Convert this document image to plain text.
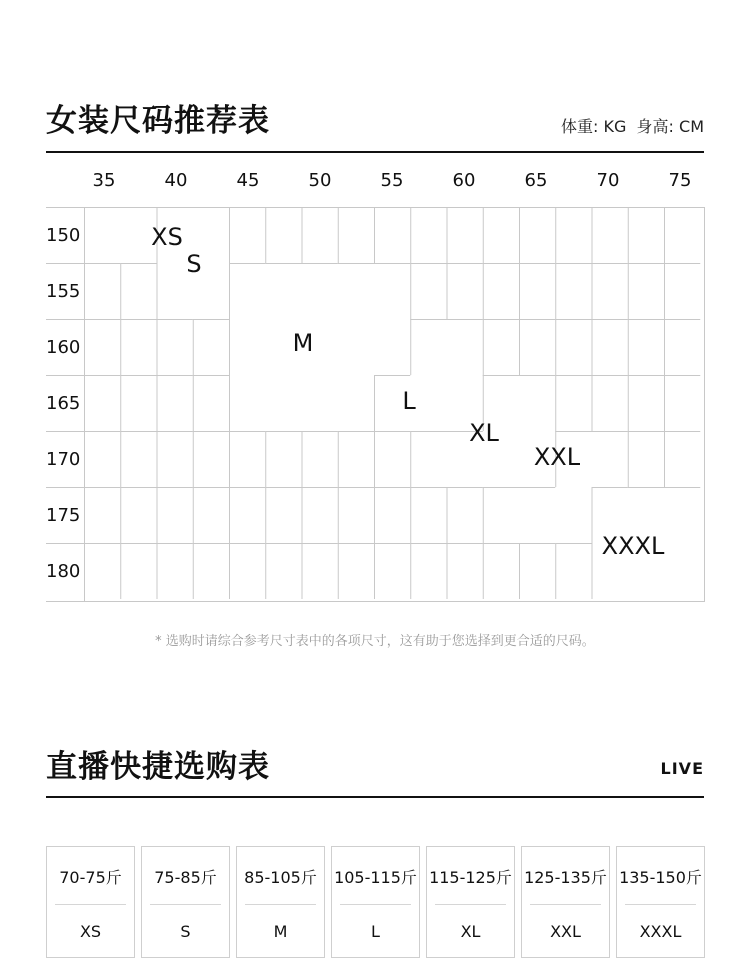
女装尺码推荐表	体重: KG  身高: CM
35	40	45	50	55	60	65	70	75
150
155
160
165
170
175
180
XS
S
M
L
XL
XXL
XXXL
* 选购时请综合参考尺寸表中的各项尺寸，这有助于您选择到更合适的尺码。
直播快捷选购表	LIVE
70-75斤
XS
75-85斤
S
85-105斤
M
105-115斤
L
115-125斤
XL
125-135斤
XXL
135-150斤
XXXL
